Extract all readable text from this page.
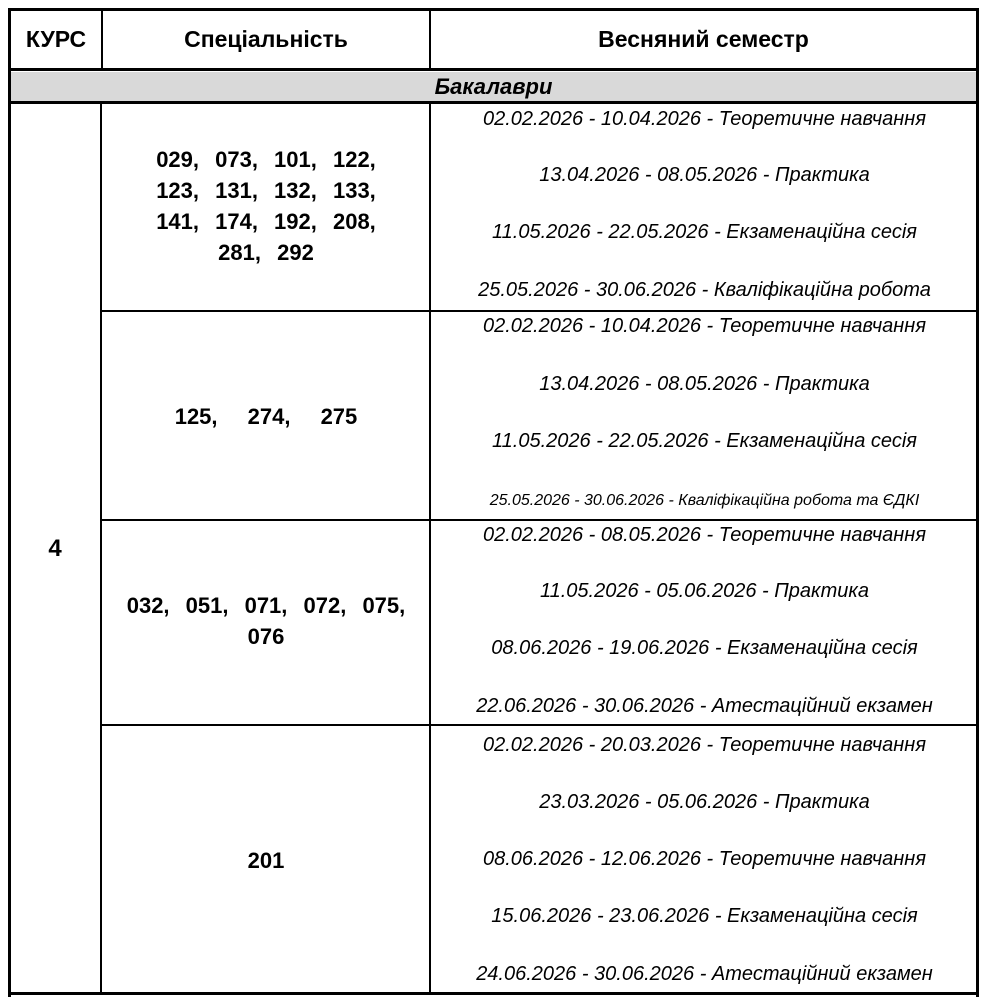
КУРС	Спеціальність	Весняний семестр
Бакалаври
4
029, 073, 101, 122, 123, 131, 132, 133, 141, 174, 192, 208, 281, 292
125, 274, 275
032, 051, 071, 072, 075, 076
201
02.02.2026 - 10.04.2026 - Теоретичне навчання
13.04.2026 - 08.05.2026 - Практика
11.05.2026 - 22.05.2026 - Екзаменаційна сесія
25.05.2026 - 30.06.2026 - Кваліфікаційна робота
02.02.2026 - 10.04.2026 - Теоретичне навчання
13.04.2026 - 08.05.2026 - Практика
11.05.2026 - 22.05.2026 - Екзаменаційна сесія
25.05.2026 - 30.06.2026 - Кваліфікаційна робота та ЄДКІ
02.02.2026 - 08.05.2026 - Теоретичне навчання
11.05.2026 - 05.06.2026 - Практика
08.06.2026 - 19.06.2026 - Екзаменаційна сесія
22.06.2026 - 30.06.2026 - Атестаційний екзамен
02.02.2026 - 20.03.2026 - Теоретичне навчання
23.03.2026 - 05.06.2026 - Практика
08.06.2026 - 12.06.2026 - Теоретичне навчання
15.06.2026 - 23.06.2026 - Екзаменаційна сесія
24.06.2026 - 30.06.2026 - Атестаційний екзамен
